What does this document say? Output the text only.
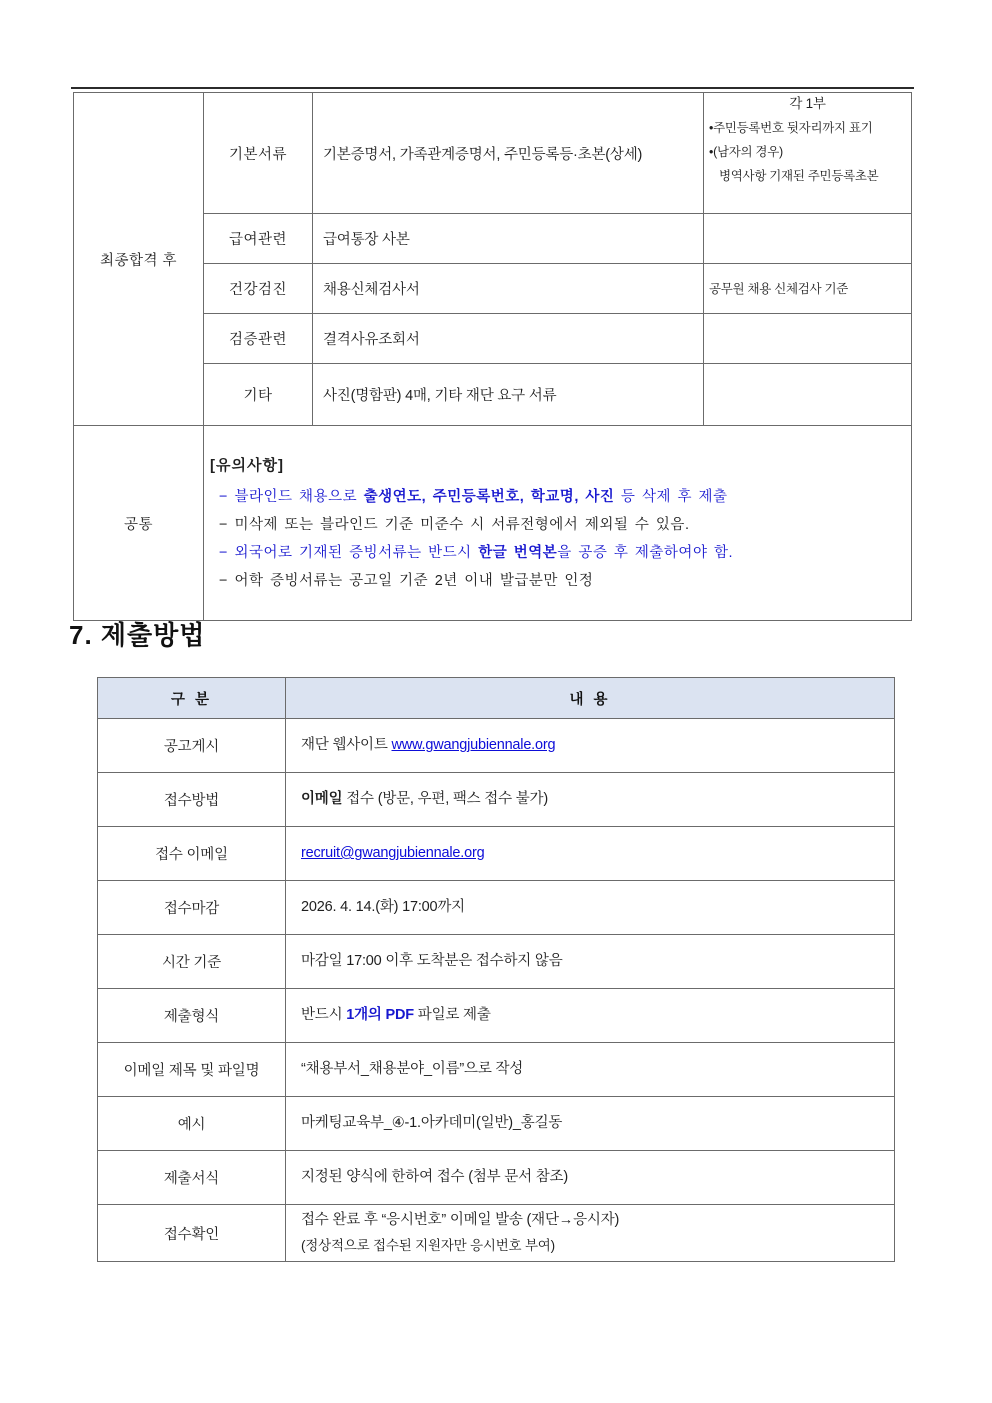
최종합격 후	기본서류	기본증명서, 가족관계증명서, 주민등록등·초본(상세)	각 1부
•주민등록번호 뒷자리까지 표기
•(남자의 경우)
병역사항 기재된 주민등록초본

	급여관련	급여통장 사본	
	건강검진	채용신체검사서	공무원 채용 신체검사 기준
	검증관련	결격사유조회서	
	기타	사진(명함판) 4매, 기타 재단 요구 서류	
공통	[유의사항]
− 블라인드 채용으로 출생연도, 주민등록번호, 학교명, 사진 등 삭제 후 제출
− 미삭제 또는 블라인드 기준 미준수 시 서류전형에서 제외될 수 있음.
− 외국어로 기재된 증빙서류는 반드시 한글 번역본을 공증 후 제출하여야 함.
− 어학 증빙서류는 공고일 기준 2년 이내 발급분만 인정		
7. 제출방법
구 분	내 용
공고게시	재단 웹사이트 www.gwangjubiennale.org

접수방법	이메일 접수 (방문, 우편, 팩스 접수 불가)

접수 이메일	recruit@gwangjubiennale.org

접수마감	2026. 4. 14.(화) 17:00까지

시간 기준	마감일 17:00 이후 도착분은 접수하지 않음

제출형식	반드시 1개의 PDF 파일로 제출

이메일 제목 및 파일명	“채용부서_채용분야_이름”으로 작성

예시	마케팅교육부_④-1.아카데미(일반)_홍길동

제출서식	지정된 양식에 한하여 접수 (첨부 문서 참조)

접수확인	접수 완료 후 “응시번호” 이메일 발송 (재단→응시자)
(정상적으로 접수된 지원자만 응시번호 부여)
